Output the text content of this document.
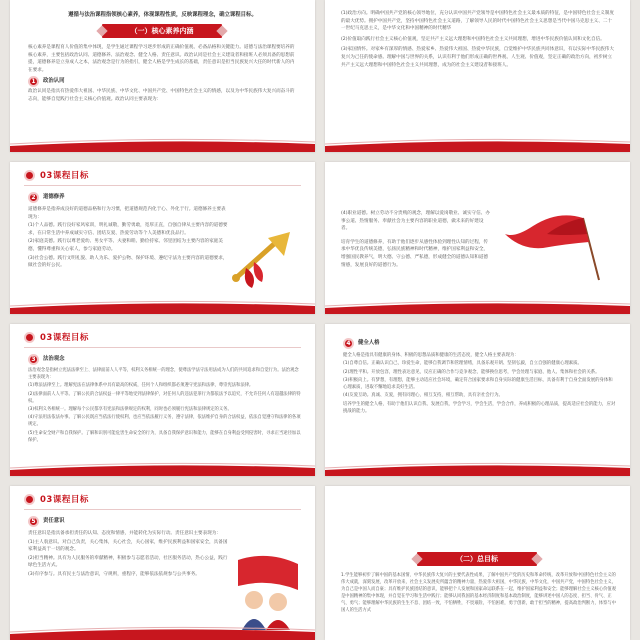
遵循与法治课程指领核心素养，体现课程性质，反映课程理念，确立课程目标。
（一）核心素养内涵

核心素养是课程育人价值的集中体现，是学生通过课程学习逐步形成的正确价值观、必备品格和关键能力。道德与法治课程要培养的核心素养，主要包括政治认同、道德修养、法治观念、健全人格、责任意识。政治认同是社会主义建设者和接班人必须具备的思想前提，道德修养是立身成人之本，法治观念是行为的指引，健全人格是学生成长的基础，责任意识是担当民族复兴大任的时代新人的内在要求。

1	政治认同

政治认同是指具有热爱伟大祖国、中华民族、中华文化、中国共产党、中国特色社会主义的情感，以及为中华民族伟大复兴而奋斗的志向，能够自觉践行社会主义核心价值观。政治认同主要表现为：

(1)政治方向。明确中国共产党的核心领导地位，充分认识中国共产党领导是中国特色社会主义最本质的特征，是中国特色社会主义制度的最大优势。拥护中国共产党，坚持中国特色社会主义道路，了解领导人民的时代中国特色社会主义思想是当代中国马克思主义、二十一世纪马克思主义，是中华文化和中国精神的时代精华

(2)价值取向践行社会主义核心价值观，坚定共产主义远大理想和中国特色社会主义共同理想，增进中华民族价值认同和文化自信。

(3)家国情怀。对家乡有深厚的情感、热爱家乡、热爱伟大祖国、热爱中华民族，自觉维护中华民族共同体意识，有以实际中华民族伟大复兴为己任的使命感。理解中国与世界的关系，认识有利于他们形成正确的世界观、人生观、价值观，坚定正确的政治方向，初步树立共产主义远大理想和中国特色社会主义共同理想，成为的社会主义建设者和接班人。

03课程目标
2	道德修养

道德修养是指养成良好的道德品格和行为习惯，把道德规范内化于心、外化于行。道德修养主要表现为：

(1)个人品德。践行良好家风家训，明礼诚敬，勤劳勇敢，宽厚正直，自强自律从主要内容的道德要求，在日常生活中养成诚实守信、团结友爱、热爱劳动等个人美德和优良品行。

(2)家庭美德。践行以尊老爱幼、男女平等、夫妻和睦、勤俭持家、邻里团结为主要内容的家庭美德，懂得尊重和关心家人，参与家庭劳动。

(3)社会公德。践行文明礼貌、助人为乐、爱护公物、保护环境、遵纪守法为主要内容的道德要求，做社会的好公民。

(4)职业道德。树立劳动不分贵贱的观念，理解以爱岗敬业、诚实守信、办事公道、热情服务、奉献社会为主要内容的职业道德，做未来的好建设者。

培育学生的道德修养，有助于他们逐步从感性体验到理性认知的过程，传承中华优良传统美德，弘扬民族精神和时代精神，维护国家利益和安全，增强国民教养气，明大德、守公德、严私德，形成健全的道德认知和道德情感，发展良好的道德行为。

03课程目标
3	法治观念

法治观念是指树立宪法法律至上、法律面前人人平等，权利义务相统一的理念，使尊法学法守法用法成为人们的共同追求和自觉行为。法治观念主要表现为：

(1)尊法法律至上。理解宪法在法律体系中具有最高的权威，任何个人和组织都必须遵守宪法和法律，尊崇宪法和法律。

(2)法律面前人人平等。了解公民的合法权益一律平等地受到法律保护，对任何人的违法犯罪行为都依法予以追究，不允许任何人有超越法律的特权。

(3)权利义务相统一。理解每个公民都享有宪法和法律规定的权利，同时也必须履行宪法和法律规定的义务。

(4)守法用法依法办事。了解公民既应当依法行使权利，也应当依法履行义务，遵守法律，依法维护自身的合法权益，依法自觉遵守和法律的各项规定。

(5)生命安全财产和自我保护。了解和识别可能危害生命安全的行为，具备自我保护意识和能力，能够在自身利益受到侵害时，寻求正当途径加以保护。

4	健全人格

健全人格是指具有健康的身体、积极的思想品质和健康的生活态度，健全人格主要表现为：

(1)自尊自信。正确认识自己，珍爱生命，能够自我调节和管理情绪，具备乐观开朗、坚韧弘毅，自立自强的健康心理素质。

(2)理性平和。开放包容，理性表达意见，反应正确的合作与竞争观念，能够换位思考，学会处理与家庭、他人、集体和社会的关系。

(3)积极向上。有梦想，有理想，能够主动适应社会环境，确定符合国家要求和自身实际的健康生活目标，具备有利于自身全面发展的身体和心理素质，进取不懈地追求美好生活。

(4)友爱互助。真诚、友爱，拥有同理心，相互支持，相互帮助，具有亲社会行为。

培养学生的健全人格，有助于他们认识自我、发展自我，学会学习，学会生活，学会合作，养成积极的心理品质，提高适应社会的能力，应对挑战的能力。

03课程目标
5	责任意识

责任意识是指具备承担责任的认知、态度和情感，并能转化为实际行动。责任意识主要表现为：

(1)主人翁意识。对自己负责，关心集体，关心社会，关心国家，维护民族利益和国家安全，具备国家利益高于一切的观念。

(2)担当精神。具有为人民服务的奉献精神，积极参与志愿者活动，社区服务活动，热心公益，践行绿色生活方式。

(3)有序参与。具有民主与法治意识，守规则，重程序，能够依法依规参与公共事务。

（二）总目标

1.学生能够初步了解中国的基本国情，中华民族伟大复兴的主要代表性成果，了解中国共产党的历史和革命传统，改革开放和中国特色社会主义的伟大成就，深刻发展，改革开放来，社会主义发展史所蕴含的精神力量，热爱伟大祖国，中华民族，中华文化，中国共产党，中国特色社会主义，为自己是中国人而自豪；具有维护民族团结的意识，能够把个人发展和国家命运联系在一起，维护国家利益和安全；能够理解社会主义核心价值观是中国精神的集中体现，并自觉在学习和生活中践行；能够认同我国的基本经济制度和基本政治制度，能够讲述中国人的态度、担当、骨气、正气、勇气；能够理解中华民族的生生不息、团结一致，不怕牺牲，不畏艰险，不怕困难，勇于创新，敢于担当的精神，提高政治判断力，体察与中国人的生活方式
